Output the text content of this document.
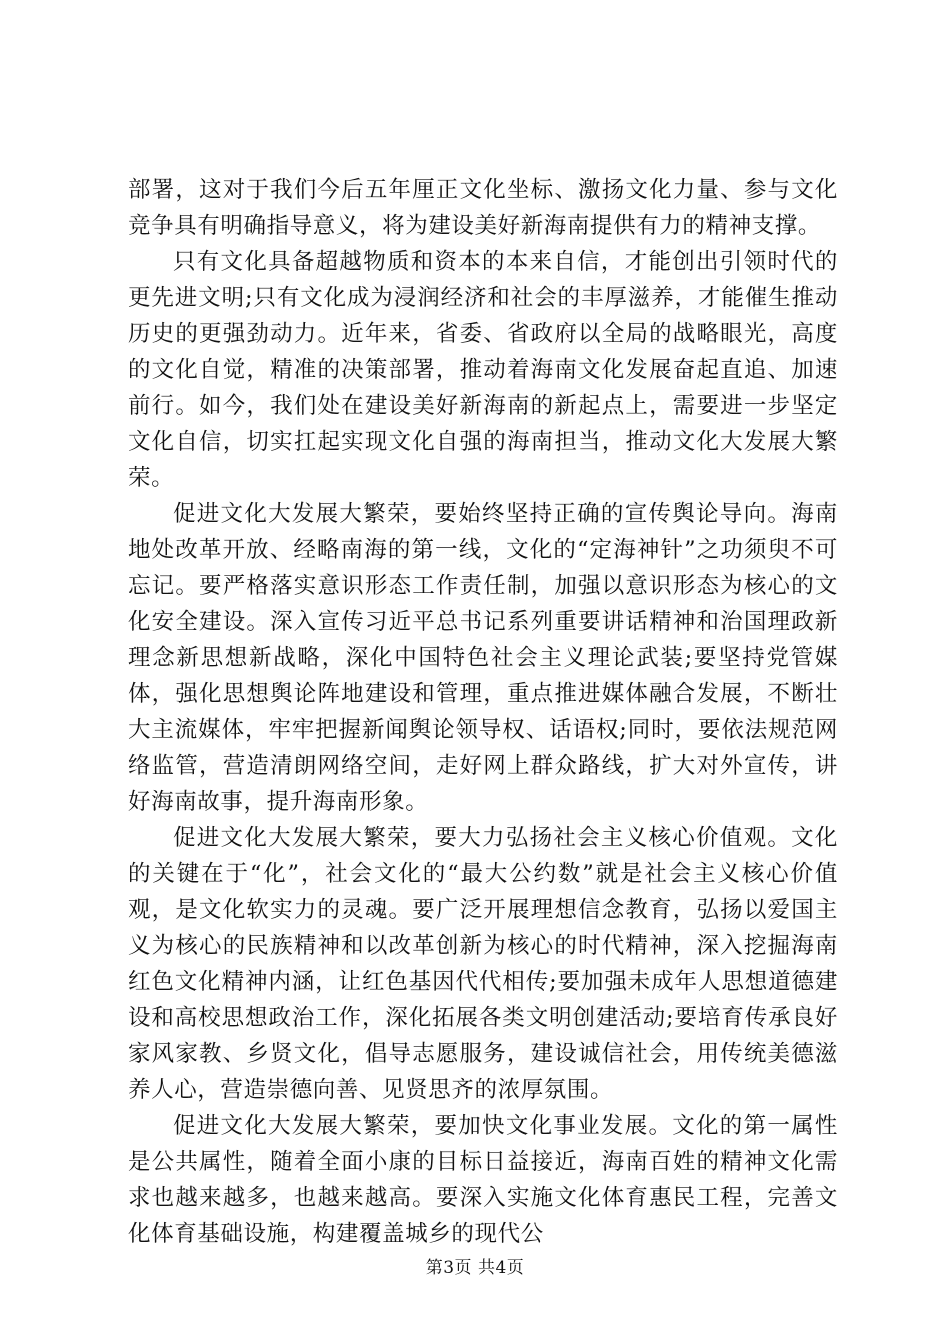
部署，这对于我们今后五年厘正文化坐标、激扬文化力量、参与文化竞争具有明确指导意义，将为建设美好新海南提供有力的精神支撑。

只有文化具备超越物质和资本的本来自信，才能创出引领时代的更先进文明;只有文化成为浸润经济和社会的丰厚滋养，才能催生推动历史的更强劲动力。近年来，省委、省政府以全局的战略眼光，高度的文化自觉，精准的决策部署，推动着海南文化发展奋起直追、加速前行。如今，我们处在建设美好新海南的新起点上，需要进一步坚定文化自信，切实扛起实现文化自强的海南担当，推动文化大发展大繁荣。

促进文化大发展大繁荣，要始终坚持正确的宣传舆论导向。海南地处改革开放、经略南海的第一线，文化的“定海神针”之功须臾不可忘记。要严格落实意识形态工作责任制，加强以意识形态为核心的文化安全建设。深入宣传习近平总书记系列重要讲话精神和治国理政新理念新思想新战略，深化中国特色社会主义理论武装;要坚持党管媒体，强化思想舆论阵地建设和管理，重点推进媒体融合发展，不断壮大主流媒体，牢牢把握新闻舆论领导权、话语权;同时，要依法规范网络监管，营造清朗网络空间，走好网上群众路线，扩大对外宣传，讲好海南故事，提升海南形象。

促进文化大发展大繁荣，要大力弘扬社会主义核心价值观。文化的关键在于“化”，社会文化的“最大公约数”就是社会主义核心价值观，是文化软实力的灵魂。要广泛开展理想信念教育，弘扬以爱国主义为核心的民族精神和以改革创新为核心的时代精神，深入挖掘海南红色文化精神内涵，让红色基因代代相传;要加强未成年人思想道德建设和高校思想政治工作，深化拓展各类文明创建活动;要培育传承良好家风家教、乡贤文化，倡导志愿服务，建设诚信社会，用传统美德滋养人心，营造崇德向善、见贤思齐的浓厚氛围。

促进文化大发展大繁荣，要加快文化事业发展。文化的第一属性是公共属性，随着全面小康的目标日益接近，海南百姓的精神文化需求也越来越多，也越来越高。要深入实施文化体育惠民工程，完善文化体育基础设施，构建覆盖城乡的现代公

第3页 共4页
